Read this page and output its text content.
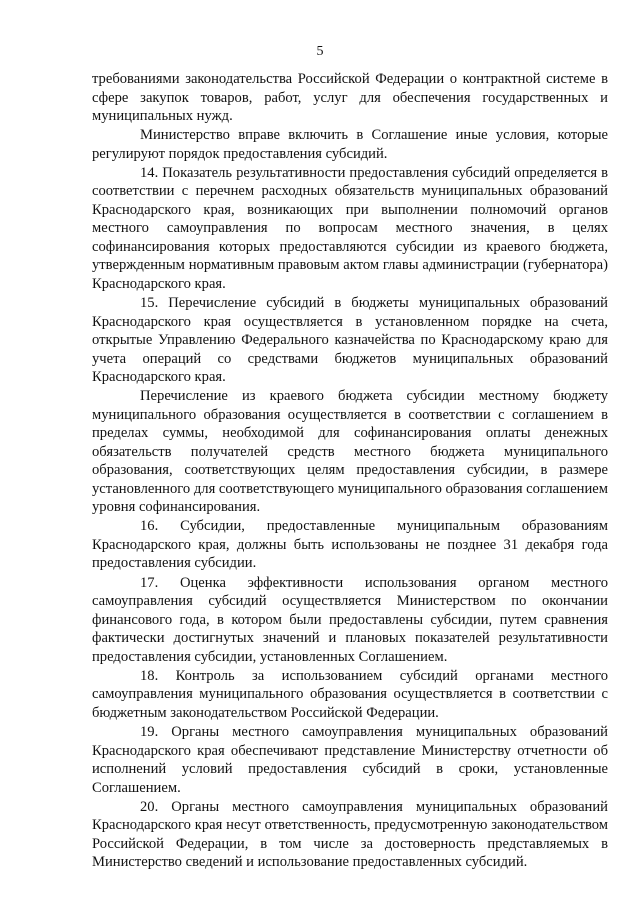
5

требованиями законодательства Российской Федерации о контрактной системе в сфере закупок товаров, работ, услуг для обеспечения государственных и муниципальных нужд.

Министерство вправе включить в Соглашение иные условия, которые регулируют порядок предоставления субсидий.

14. Показатель результативности предоставления субсидий определяется в соответствии с перечнем расходных обязательств муниципальных образований Краснодарского края, возникающих при выполнении полномочий органов местного самоуправления по вопросам местного значения, в целях софинансирования которых предоставляются субсидии из краевого бюджета, утвержденным нормативным правовым актом главы администрации (губернатора) Краснодарского края.

15. Перечисление субсидий в бюджеты муниципальных образований Краснодарского края осуществляется в установленном порядке на счета, открытые Управлению Федерального казначейства по Краснодарскому краю для учета операций со средствами бюджетов муниципальных образований Краснодарского края.

Перечисление из краевого бюджета субсидии местному бюджету муниципального образования осуществляется в соответствии с соглашением в пределах суммы, необходимой для софинансирования оплаты денежных обязательств получателей средств местного бюджета муниципального образования, соответствующих целям предоставления субсидии, в размере установленного для соответствующего муниципального образования соглашением уровня софинансирования.

16. Субсидии, предоставленные муниципальным образованиям Краснодарского края, должны быть использованы не позднее 31 декабря года предоставления субсидии.

17. Оценка эффективности использования органом местного самоуправления субсидий осуществляется Министерством по окончании финансового года, в котором были предоставлены субсидии, путем сравнения фактически достигнутых значений и плановых показателей результативности предоставления субсидии, установленных Соглашением.

18. Контроль за использованием субсидий органами местного самоуправления муниципального образования осуществляется в соответствии с бюджетным законодательством Российской Федерации.

19. Органы местного самоуправления муниципальных образований Краснодарского края обеспечивают представление Министерству отчетности об исполнений условий предоставления субсидий в сроки, установленные Соглашением.

20. Органы местного самоуправления муниципальных образований Краснодарского края несут ответственность, предусмотренную законодательством Российской Федерации, в том числе за достоверность представляемых в Министерство сведений и использование предоставленных субсидий.
